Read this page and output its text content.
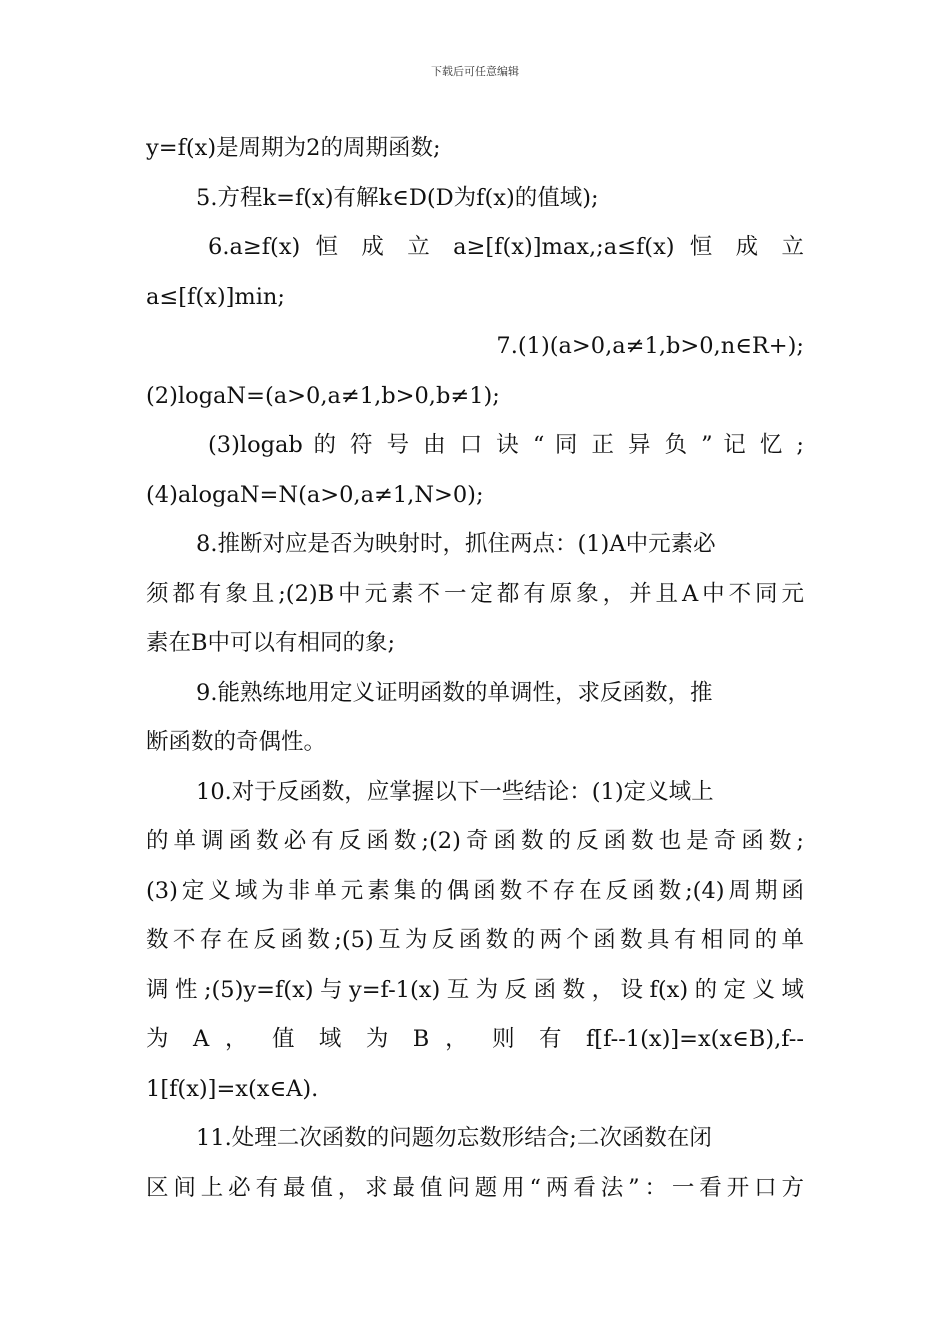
下载后可任意编辑
y=f(x)是周期为2的周期函数;
5.方程k=f(x)有解k∈D(D为f(x)的值域);
6.a≥f(x) 恒 成 立 a≥[f(x)]max,;a≤f(x) 恒 成 立
a≤[f(x)]min;
7.(1)(a>0,a≠1,b>0,n∈R+);
(2)logaN=(a>0,a≠1,b>0,b≠1);
(3)logab 的 符 号 由 口 诀 “ 同 正 异 负 ” 记 忆 ;
(4)alogaN=N(a>0,a≠1,N>0);
8.推断对应是否为映射时，抓住两点：(1)A中元素必
须都有象且;(2)B中元素不一定都有原象，并且A中不同元
素在B中可以有相同的象;
9.能熟练地用定义证明函数的单调性，求反函数，推
断函数的奇偶性。
10.对于反函数，应掌握以下一些结论：(1)定义域上
的单调函数必有反函数;(2)奇函数的反函数也是奇函数;
(3)定义域为非单元素集的偶函数不存在反函数;(4)周期函
数不存在反函数;(5)互为反函数的两个函数具有相同的单
调性;(5)y=f(x)与y=f-1(x)互为反函数，设f(x)的定义域
为 A ， 值 域 为 B ， 则 有 f[f--1(x)]=x(x∈B),f--
1[f(x)]=x(x∈A).
11.处理二次函数的问题勿忘数形结合;二次函数在闭
区间上必有最值，求最值问题用“两看法”：一看开口方
